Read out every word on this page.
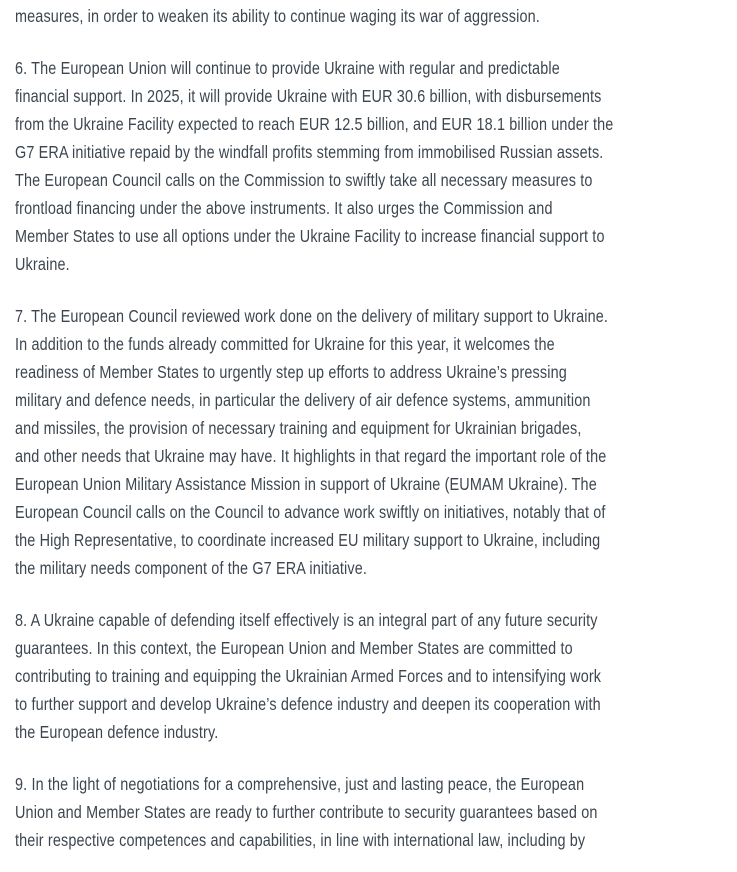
measures, in order to weaken its ability to continue waging its war of aggression.
6. The European Union will continue to provide Ukraine with regular and predictable
financial support. In 2025, it will provide Ukraine with EUR 30.6 billion, with disbursements
from the Ukraine Facility expected to reach EUR 12.5 billion, and EUR 18.1 billion under the
G7 ERA initiative repaid by the windfall profits stemming from immobilised Russian assets.
The European Council calls on the Commission to swiftly take all necessary measures to
frontload financing under the above instruments. It also urges the Commission and
Member States to use all options under the Ukraine Facility to increase financial support to
Ukraine.
7. The European Council reviewed work done on the delivery of military support to Ukraine.
In addition to the funds already committed for Ukraine for this year, it welcomes the
readiness of Member States to urgently step up efforts to address Ukraine’s pressing
military and defence needs, in particular the delivery of air defence systems, ammunition
and missiles, the provision of necessary training and equipment for Ukrainian brigades,
and other needs that Ukraine may have. It highlights in that regard the important role of the
European Union Military Assistance Mission in support of Ukraine (EUMAM Ukraine). The
European Council calls on the Council to advance work swiftly on initiatives, notably that of
the High Representative, to coordinate increased EU military support to Ukraine, including
the military needs component of the G7 ERA initiative.
8. A Ukraine capable of defending itself effectively is an integral part of any future security
guarantees. In this context, the European Union and Member States are committed to
contributing to training and equipping the Ukrainian Armed Forces and to intensifying work
to further support and develop Ukraine’s defence industry and deepen its cooperation with
the European defence industry.
9. In the light of negotiations for a comprehensive, just and lasting peace, the European
Union and Member States are ready to further contribute to security guarantees based on
their respective competences and capabilities, in line with international law, including by
